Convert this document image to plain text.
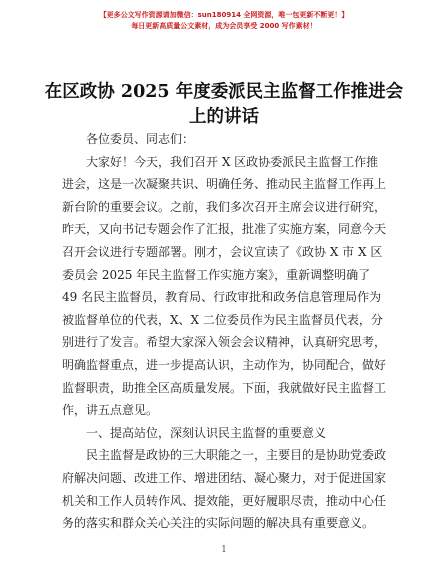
【更多公文写作资源请加微信：sun180914 全网资源，唯一包更新不断更！】
每日更新高质量公文素材，成为会员享受 2000 写作素材！
在区政协 2025 年度委派民主监督工作推进会上的讲话

各位委员、同志们：

大家好！今天，我们召开 X 区政协委派民主监督工作推进会，这是一次凝聚共识、明确任务、推动民主监督工作再上新台阶的重要会议。之前，我们多次召开主席会议进行研究，昨天，又向书记专题会作了汇报，批准了实施方案，同意今天召开会议进行专题部署。刚才，会议宣读了《政协 X 市 X 区委员会 2025 年民主监督工作实施方案》，重新调整明确了 49 名民主监督员，教育局、行政审批和政务信息管理局作为被监督单位的代表，X、X 二位委员作为民主监督员代表，分别进行了发言。希望大家深入领会会议精神，认真研究思考，明确监督重点，进一步提高认识，主动作为，协同配合，做好监督职责，助推全区高质量发展。下面，我就做好民主监督工作，讲五点意见。

一、提高站位，深刻认识民主监督的重要意义

民主监督是政协的三大职能之一，主要目的是协助党委政府解决问题、改进工作、增进团结、凝心聚力，对于促进国家机关和工作人员转作风、提效能，更好履职尽责，推动中心任务的落实和群众关心关注的实际问题的解决具有重要意义。

1
